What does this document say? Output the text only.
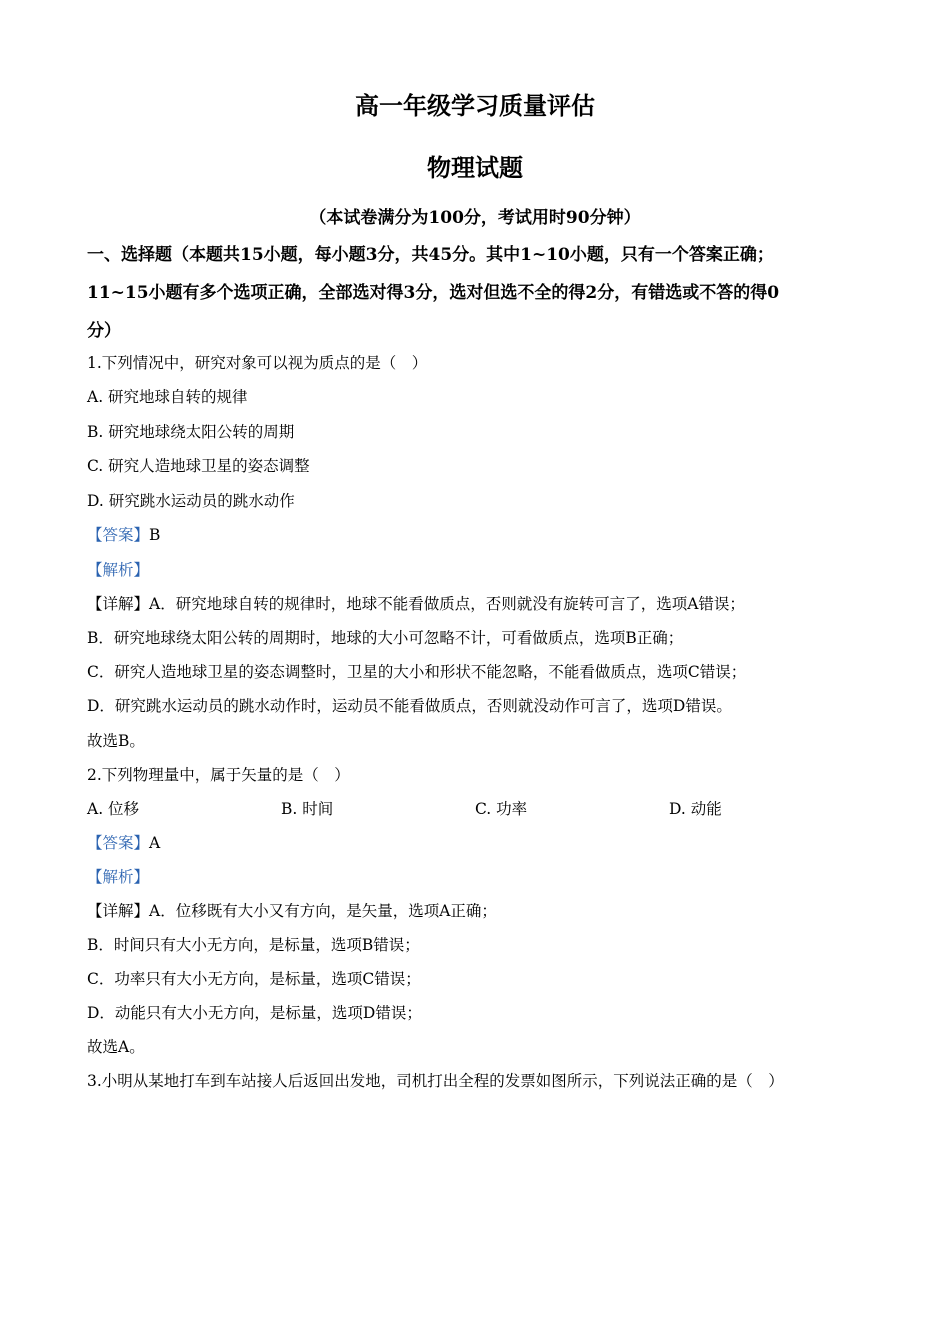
高一年级学习质量评估
物理试题
（本试卷满分为100分，考试用时90分钟）
一、选择题（本题共15小题，每小题3分，共45分。其中1~10小题，只有一个答案正确；
11~15小题有多个选项正确，全部选对得3分，选对但选不全的得2分，有错选或不答的得0
分）
1.下列情况中，研究对象可以视为质点的是（　）
A. 研究地球自转的规律
B. 研究地球绕太阳公转的周期
C. 研究人造地球卫星的姿态调整
D. 研究跳水运动员的跳水动作
【答案】B
【解析】
【详解】A．研究地球自转的规律时，地球不能看做质点，否则就没有旋转可言了，选项A错误；
B．研究地球绕太阳公转的周期时，地球的大小可忽略不计，可看做质点，选项B正确；
C．研究人造地球卫星的姿态调整时，卫星的大小和形状不能忽略，不能看做质点，选项C错误；
D．研究跳水运动员的跳水动作时，运动员不能看做质点，否则就没动作可言了，选项D错误。
故选B。
2.下列物理量中，属于矢量的是（　）
A. 位移	B. 时间	C. 功率	D. 动能
【答案】A
【解析】
【详解】A．位移既有大小又有方向，是矢量，选项A正确；
B．时间只有大小无方向，是标量，选项B错误；
C．功率只有大小无方向，是标量，选项C错误；
D．动能只有大小无方向，是标量，选项D错误；
故选A。
3.小明从某地打车到车站接人后返回出发地，司机打出全程的发票如图所示，下列说法正确的是（　）
